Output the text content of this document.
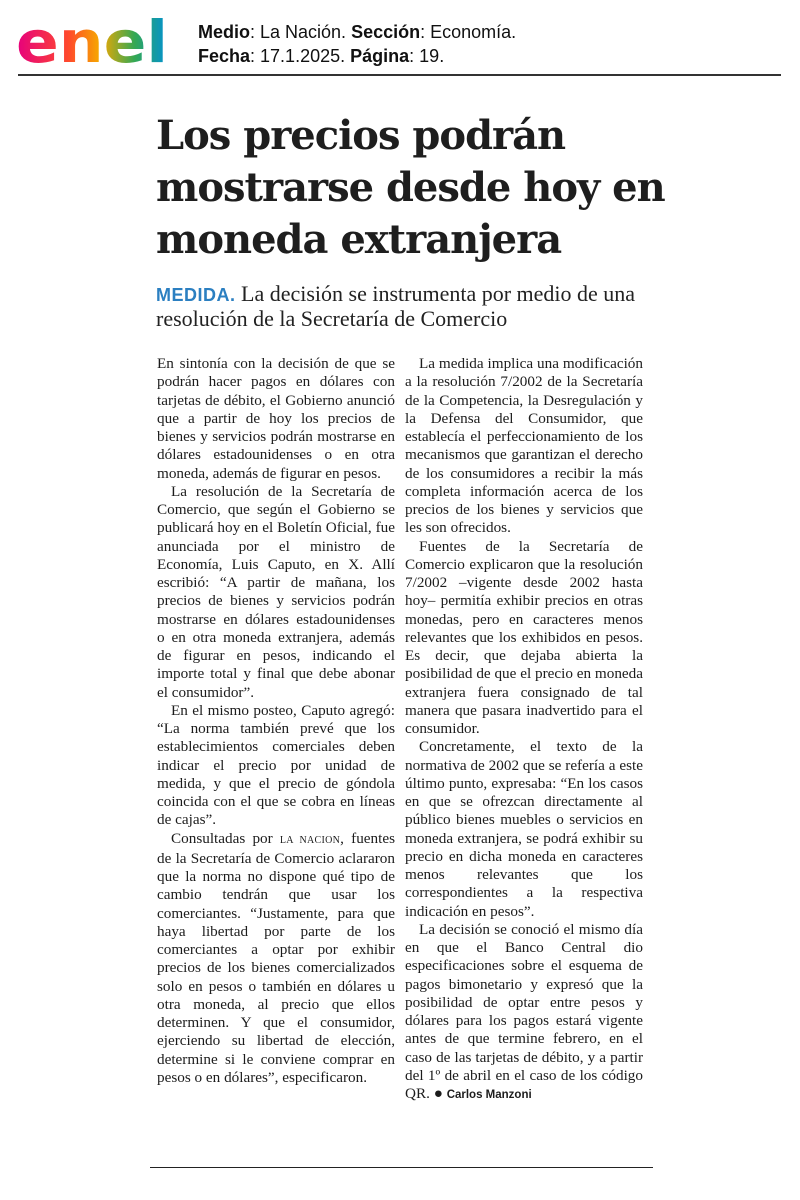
enel Medio: La Nación. Sección: Economía.
Fecha: 17.1.2025. Página: 19.
Los precios podrán mostrarse desde hoy en moneda extranjera
MEDIDA. La decisión se instrumenta por medio de una resolución de la Secretaría de Comercio

En sintonía con la decisión de que se podrán hacer pagos en dólares con tarjetas de débito, el Gobierno anunció que a partir de hoy los precios de bienes y servicios podrán mostrarse en dólares estadounidenses o en otra moneda, además de figurar en pesos.

La resolución de la Secretaría de Comercio, que según el Gobierno se publicará hoy en el Boletín Oficial, fue anunciada por el ministro de Economía, Luis Caputo, en X. Allí escribió: “A partir de mañana, los precios de bienes y servicios podrán mostrarse en dólares estadounidenses o en otra moneda extranjera, además de figurar en pesos, indicando el importe total y final que debe abonar el consumidor”.

En el mismo posteo, Caputo agregó: “La norma también prevé que los establecimientos comerciales deben indicar el precio por unidad de medida, y que el precio de góndola coincida con el que se cobra en líneas de cajas”.

Consultadas por LA NACION, fuentes de la Secretaría de Comercio aclararon que la norma no dispone qué tipo de cambio tendrán que usar los comerciantes. “Justamente, para que haya libertad por parte de los comerciantes a optar por exhibir precios de los bienes comercializados solo en pesos o también en dólares u otra moneda, al precio que ellos determinen. Y que el consumidor, ejerciendo su libertad de elección, determine si le conviene comprar en pesos o en dólares”, especificaron.

La medida implica una modificación a la resolución 7/2002 de la Secretaría de la Competencia, la Desregulación y la Defensa del Consumidor, que establecía el perfeccionamiento de los mecanismos que garantizan el derecho de los consumidores a recibir la más completa información acerca de los precios de los bienes y servicios que les son ofrecidos.

Fuentes de la Secretaría de Comercio explicaron que la resolución 7/2002 –vigente desde 2002 hasta hoy– permitía exhibir precios en otras monedas, pero en caracteres menos relevantes que los exhibidos en pesos. Es decir, que dejaba abierta la posibilidad de que el precio en moneda extranjera fuera consignado de tal manera que pasara inadvertido para el consumidor.

Concretamente, el texto de la normativa de 2002 que se refería a este último punto, expresaba: “En los casos en que se ofrezcan directamente al público bienes muebles o servicios en moneda extranjera, se podrá exhibir su precio en dicha moneda en caracteres menos relevantes que los correspondientes a la respectiva indicación en pesos”.

La decisión se conoció el mismo día en que el Banco Central dio especificaciones sobre el esquema de pagos bimonetario y expresó que la posibilidad de optar entre pesos y dólares para los pagos estará vigente antes de que termine febrero, en el caso de las tarjetas de débito, y a partir del 1º de abril en el caso de los código QR. ● Carlos Manzoni
